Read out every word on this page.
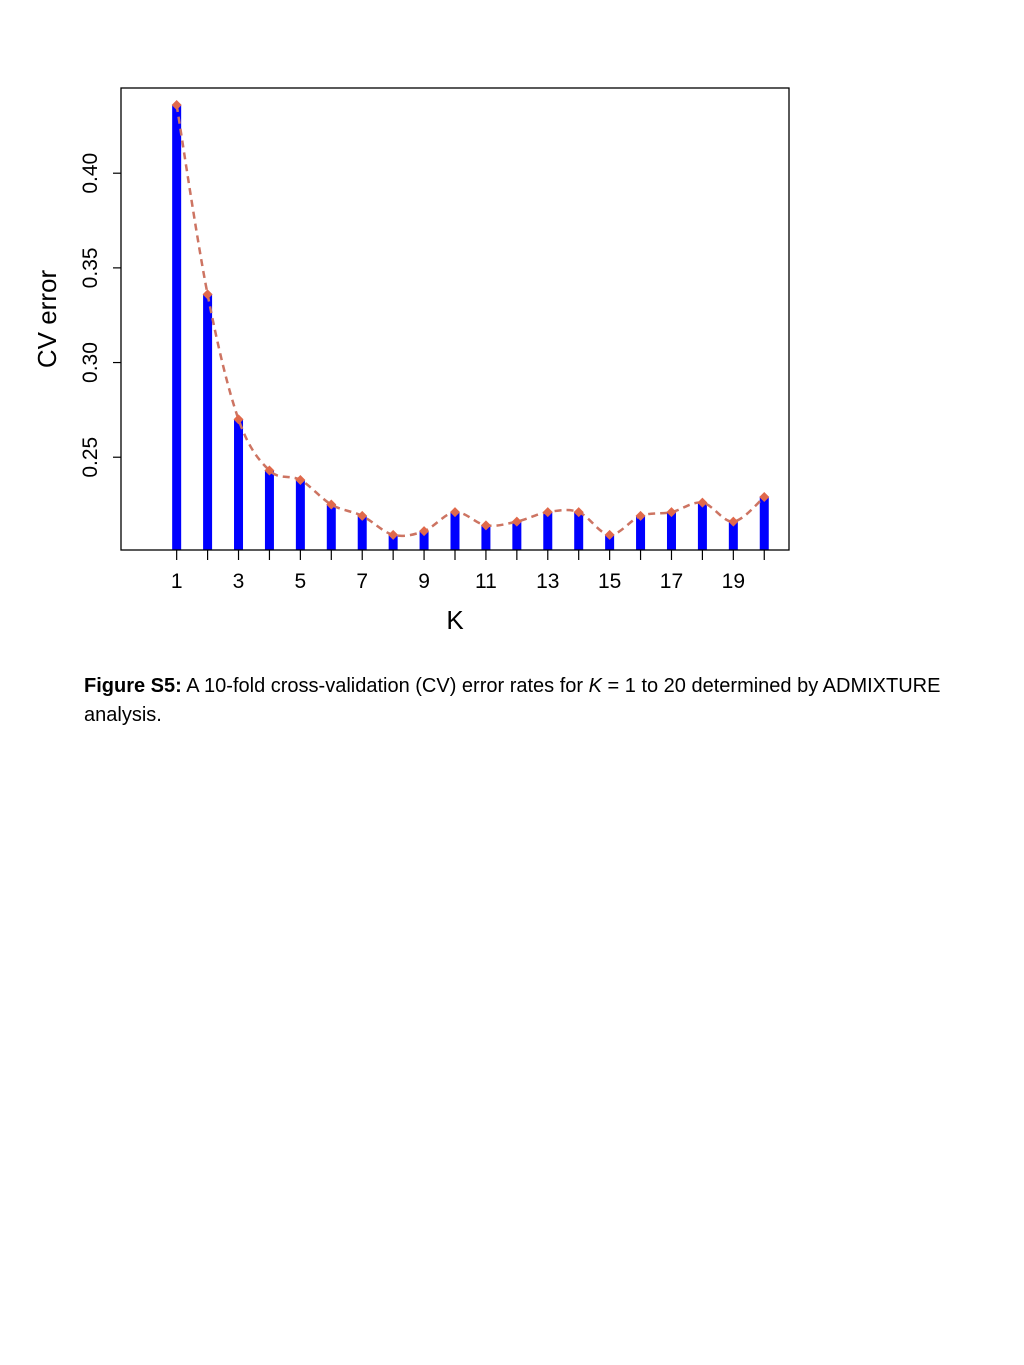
1 3 5 7 9 11 13 15 17 19
0.25
0.30
0.35
0.40
K
CV error
Figure S5: A 10-fold cross-validation (CV) error rates for K = 1 to 20 determined by ADMIXTURE analysis.
